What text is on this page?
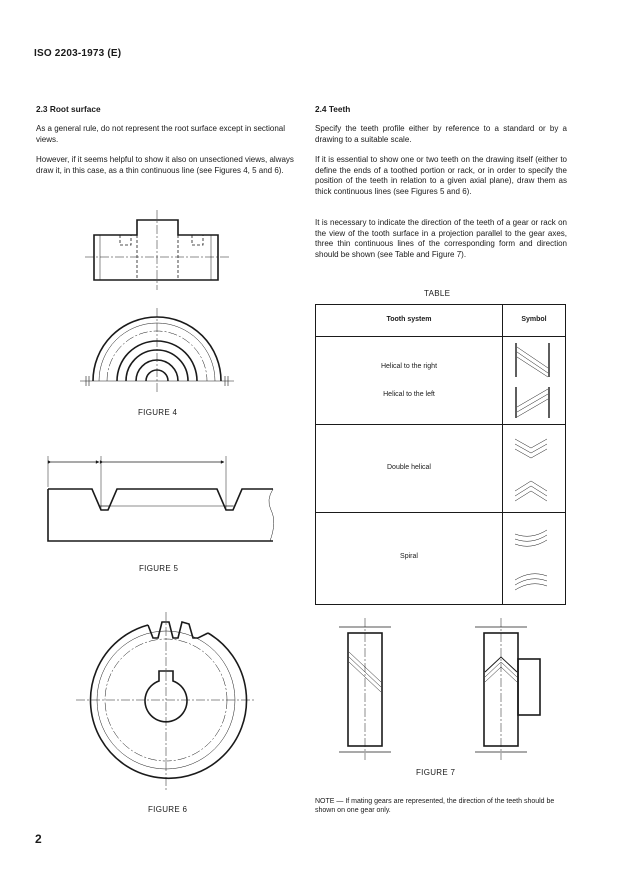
ISO 2203-1973 (E)
2.3 Root surface
As a general rule, do not represent the root surface except in sectional views.
However, if it seems helpful to show it also on unsectioned views, always draw it, in this case, as a thin continuous line (see Figures 4, 5 and 6).
2.4 Teeth
Specify the teeth profile either by reference to a standard or by a drawing to a suitable scale.
If it is essential to show one or two teeth on the drawing itself (either to define the ends of a toothed portion or rack, or in order to specify the position of the teeth in relation to a given axial plane), draw them as thick continuous lines (see Figures 5 and 6).
It is necessary to indicate the direction of the teeth of a gear or rack on the view of the tooth surface in a projection parallel to the gear axes, three thin continuous lines of the corresponding form and direction should be shown (see Table and Figure 7).
TABLE
Tooth system	Symbol
Helical to the right
Helical to the left
Double helical
Spiral
FIGURE 4
FIGURE 5
FIGURE 6
FIGURE 7
NOTE — If mating gears are represented, the direction of the teeth should be shown on one gear only.
2
